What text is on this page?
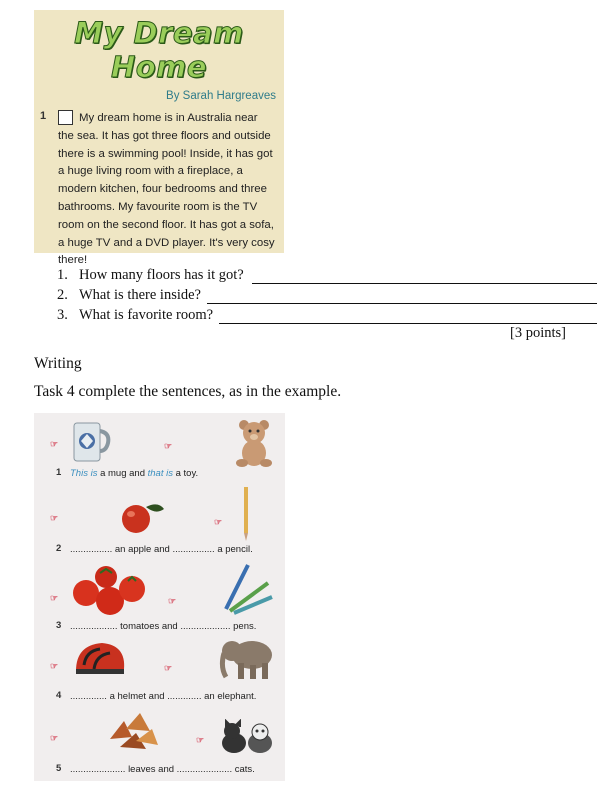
My Dream Home
By Sarah Hargreaves
1	My dream home is in Australia near the sea. It has got three floors and outside there is a swimming pool! Inside, it has got a huge living room with a fireplace, a modern kitchen, four bedrooms and three bathrooms. My favourite room is the TV room on the second floor. It has got a sofa, a huge TV and a DVD player. It's very cosy there!

1. How many floors has it got?
2. What is there inside?
3. What is favorite room?
[3 points]
Writing
Task 4 complete the sentences, as in the example.
☞	☞
1 This is a mug and that is a toy.
☞	☞
2 ................ an apple and ................ a pencil.
☞	☞
3 .................. tomatoes and ................... pens.
☞	☞
4 .............. a helmet and ............. an elephant.
☞	☞
5 ..................... leaves and ..................... cats.
